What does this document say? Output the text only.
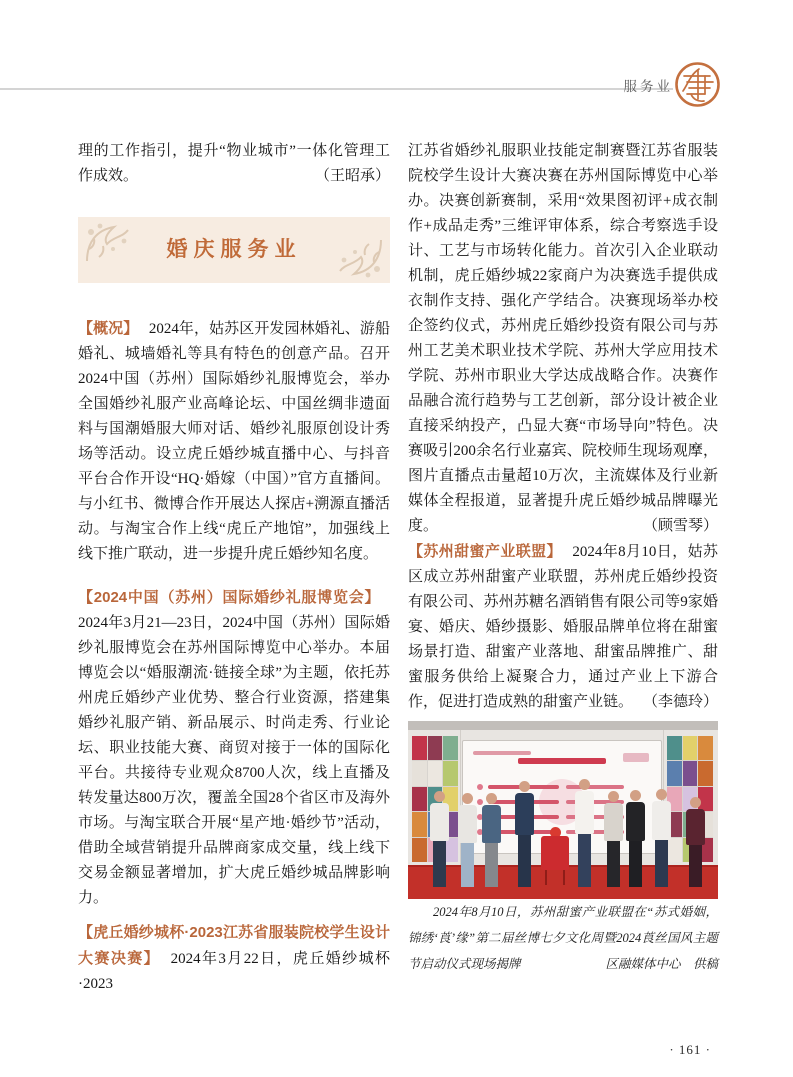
服务业

理的工作指引，提升“物业城市”一体化管理工作成效。	（王昭承）

婚庆服务业

【概况】 2024年，姑苏区开发园林婚礼、游船婚礼、城墙婚礼等具有特色的创意产品。召开2024中国（苏州）国际婚纱礼服博览会，举办全国婚纱礼服产业高峰论坛、中国丝绸非遗面料与国潮婚服大师对话、婚纱礼服原创设计秀场等活动。设立虎丘婚纱城直播中心、与抖音平台合作开设“HQ·婚嫁（中国）”官方直播间。与小红书、微博合作开展达人探店+溯源直播活动。与淘宝合作上线“虎丘产地馆”，加强线上线下推广联动，进一步提升虎丘婚纱知名度。

【2024中国（苏州）国际婚纱礼服博览会】2024年3月21—23日，2024中国（苏州）国际婚纱礼服博览会在苏州国际博览中心举办。本届博览会以“婚服潮流·链接全球”为主题，依托苏州虎丘婚纱产业优势、整合行业资源，搭建集婚纱礼服产销、新品展示、时尚走秀、行业论坛、职业技能大赛、商贸对接于一体的国际化平台。共接待专业观众8700人次，线上直播及转发量达800万次，覆盖全国28个省区市及海外市场。与淘宝联合开展“星产地·婚纱节”活动，借助全域营销提升品牌商家成交量，线上线下交易金额显著增加，扩大虎丘婚纱城品牌影响力。

【虎丘婚纱城杯·2023江苏省服装院校学生设计大赛决赛】 2024年3月22日，虎丘婚纱城杯·2023

江苏省婚纱礼服职业技能定制赛暨江苏省服装院校学生设计大赛决赛在苏州国际博览中心举办。决赛创新赛制，采用“效果图初评+成衣制作+成品走秀”三维评审体系，综合考察选手设计、工艺与市场转化能力。首次引入企业联动机制，虎丘婚纱城22家商户为决赛选手提供成衣制作支持、强化产学结合。决赛现场举办校企签约仪式，苏州虎丘婚纱投资有限公司与苏州工艺美术职业技术学院、苏州大学应用技术学院、苏州市职业大学达成战略合作。决赛作品融合流行趋势与工艺创新，部分设计被企业直接采纳投产，凸显大赛“市场导向”特色。决赛吸引200余名行业嘉宾、院校师生现场观摩，图片直播点击量超10万次，主流媒体及行业新媒体全程报道，显著提升虎丘婚纱城品牌曝光度。	（顾雪琴）

【苏州甜蜜产业联盟】 2024年8月10日，姑苏区成立苏州甜蜜产业联盟，苏州虎丘婚纱投资有限公司、苏州苏糖名酒销售有限公司等9家婚宴、婚庆、婚纱摄影、婚服品牌单位将在甜蜜场景打造、甜蜜产业落地、甜蜜品牌推广、甜蜜服务供给上凝聚合力，通过产业上下游合作，促进打造成熟的甜蜜产业链。 （李德玲）

2024年8月10日，苏州甜蜜产业联盟在“苏式婚姻，锦绣‘莨’缘”第二届丝博七夕文化周暨2024莨丝国风主题节启动仪式现场揭牌	区融媒体中心　供稿

· 161 ·
